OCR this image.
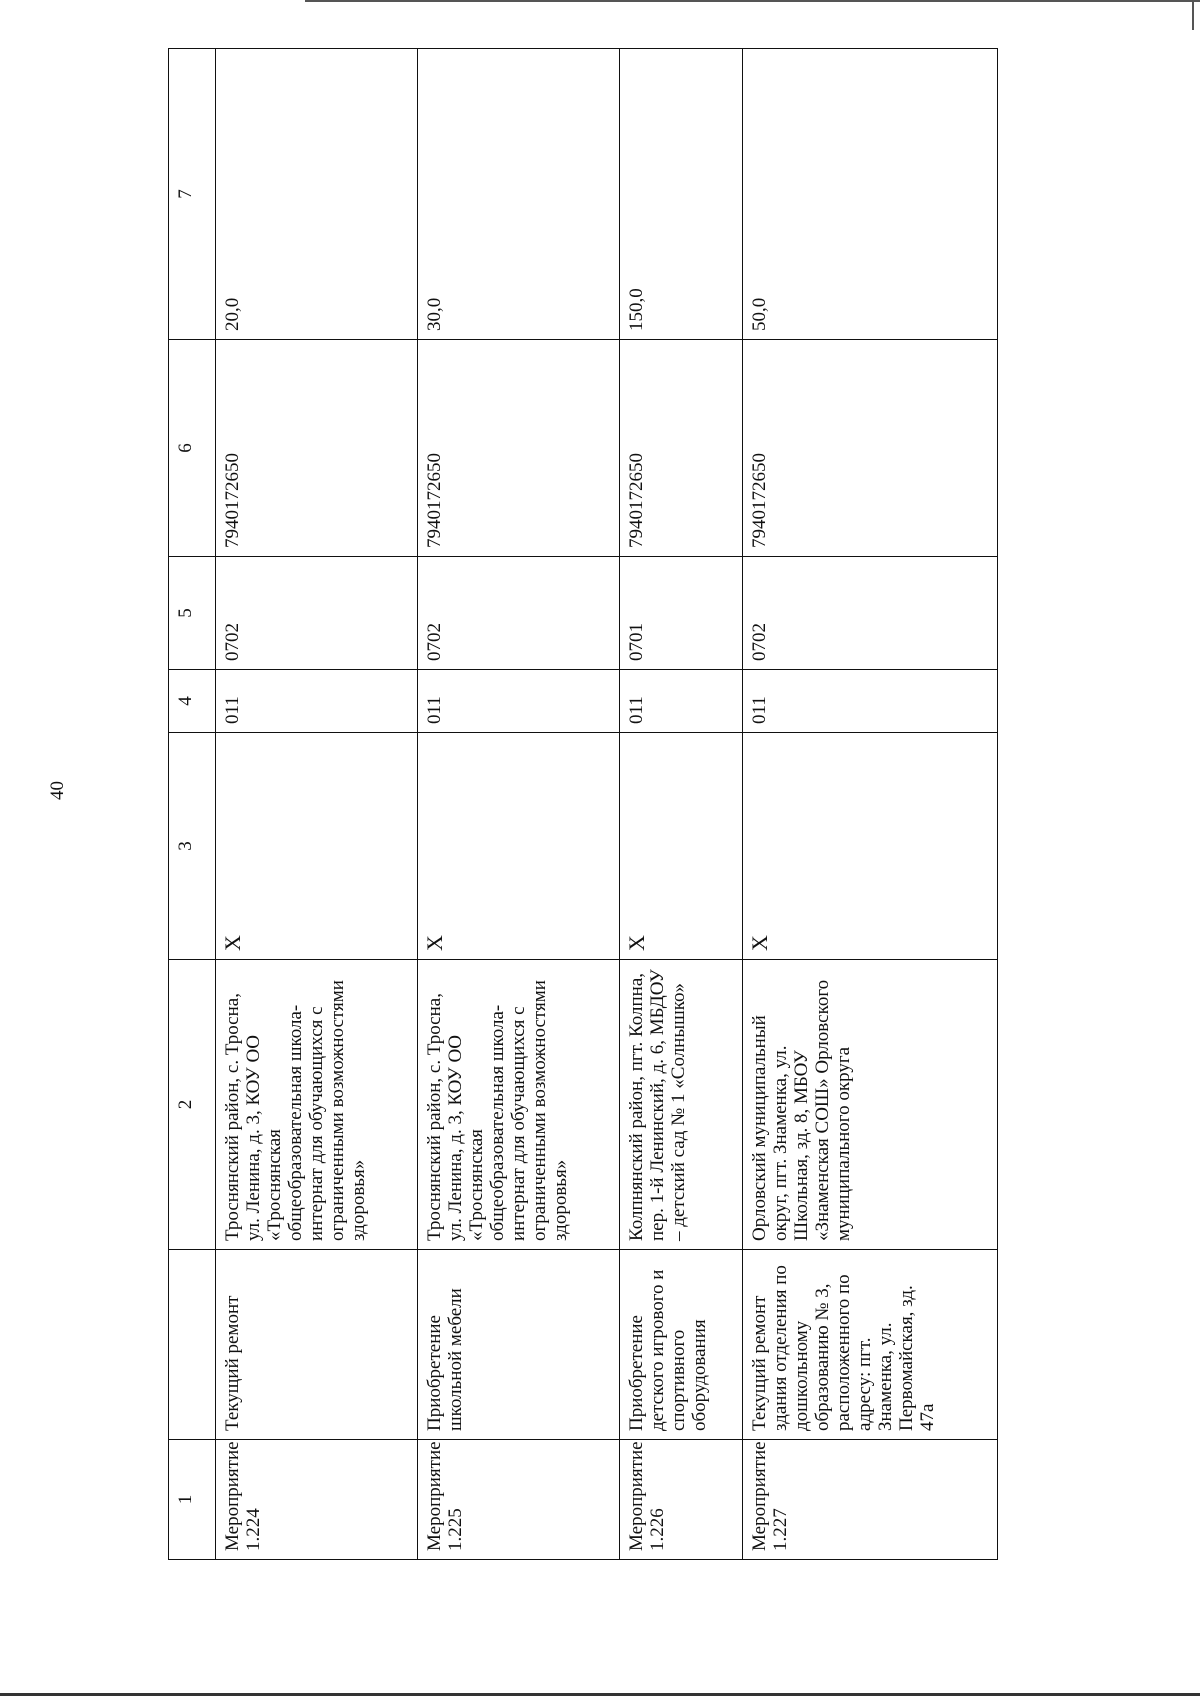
40
1		2	3	4	5	6	7
Мероприятие 1.224	Текущий ремонт	Троснянский район, с. Тросна, ул. Ленина, д. 3, КОУ ОО «Троснянская общеобразовательная школа-интернат для обучающихся с ограниченными возможностями здоровья»	X	011	0702	7940172650	20,0
Мероприятие 1.225	Приобретение школьной мебели	Троснянский район, с. Тросна, ул. Ленина, д. 3, КОУ ОО «Троснянская общеобразовательная школа-интернат для обучающихся с ограниченными возможностями здоровья»	X	011	0702	7940172650	30,0
Мероприятие 1.226	Приобретение детского игрового и спортивного оборудования	Колпнянский район, пгт. Колпна, пер. 1-й Ленинский, д. 6, МБДОУ – детский сад № 1 «Солнышко»	X	011	0701	7940172650	150,0
Мероприятие 1.227	Текущий ремонт здания отделения по дошкольному образованию № 3, расположенного по адресу: пгт. Знаменка, ул. Первомайская, зд. 47а	Орловский муниципальный округ, пгт. Знаменка, ул. Школьная, зд. 8, МБОУ «Знаменская СОШ» Орловского муниципального округа	X	011	0702	7940172650	50,0
